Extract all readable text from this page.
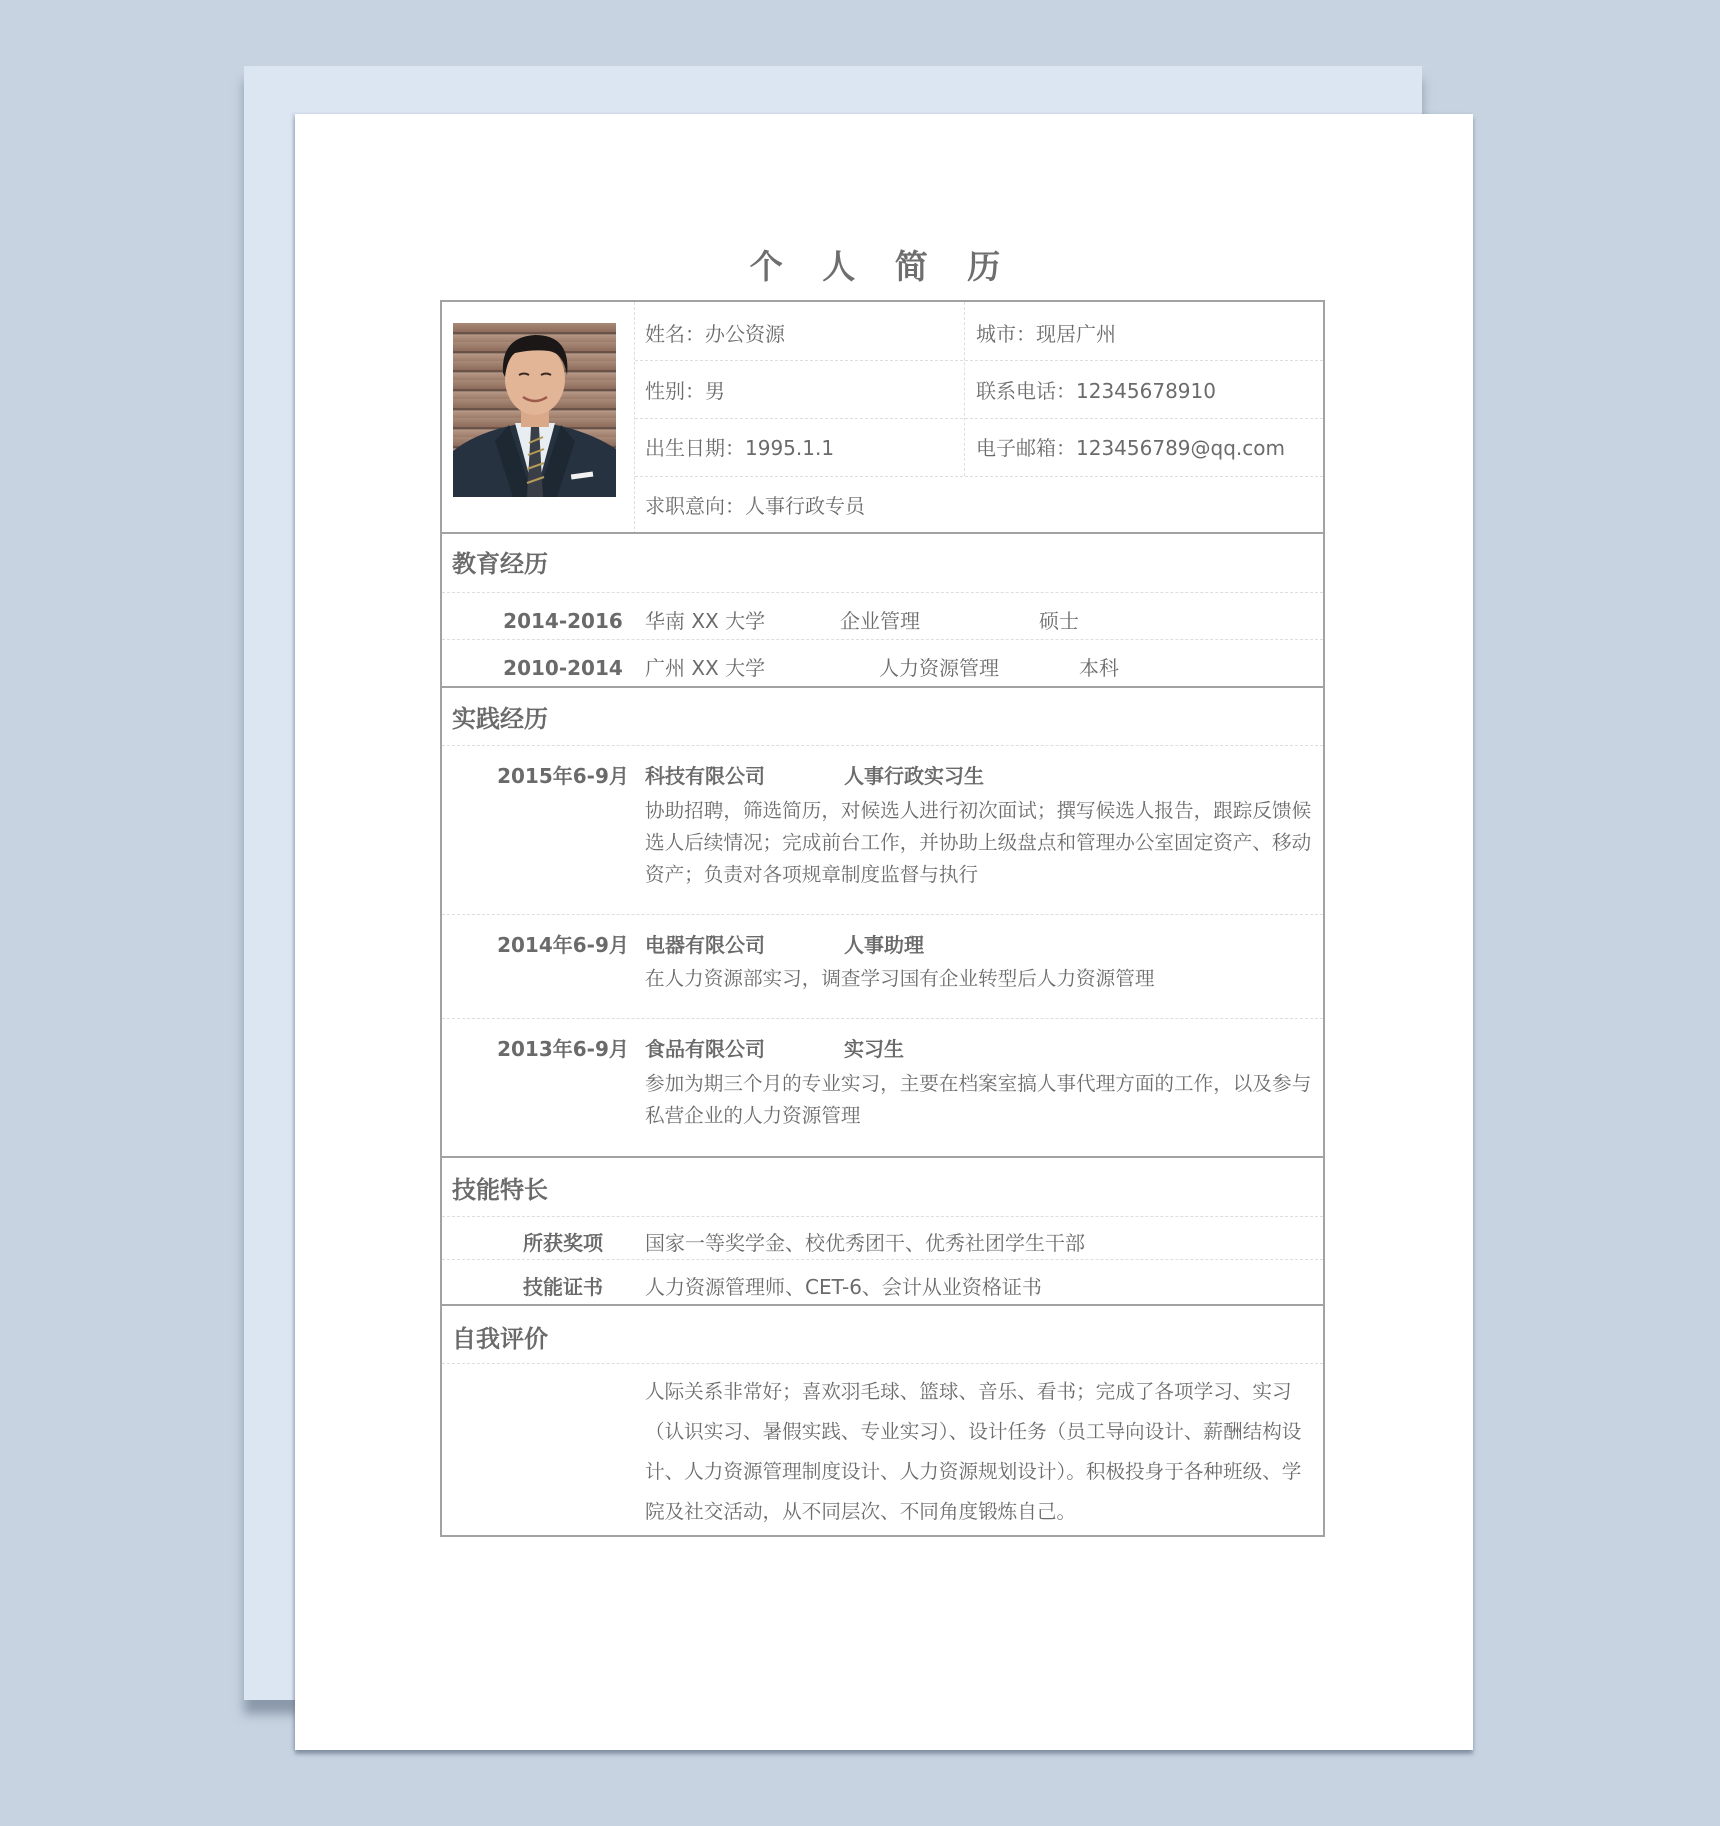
个 人 简 历
姓名：办公资源	城市：现居广州
性别：男	联系电话：12345678910
出生日期：1995.1.1	电子邮箱：123456789@qq.com
求职意向：人事行政专员
教育经历
2014-2016	华南 XX 大学	企业管理	硕士
2010-2014	广州 XX 大学	人力资源管理	本科
实践经历
2015年6-9月 科技有限公司	人事行政实习生
协助招聘，筛选简历，对候选人进行初次面试；撰写候选人报告，跟踪反馈候选人后续情况；完成前台工作，并协助上级盘点和管理办公室固定资产、移动资产；负责对各项规章制度监督与执行
2014年6-9月 电器有限公司	人事助理
在人力资源部实习，调查学习国有企业转型后人力资源管理
2013年6-9月 食品有限公司	实习生
参加为期三个月的专业实习，主要在档案室搞人事代理方面的工作，以及参与私营企业的人力资源管理
技能特长
所获奖项	国家一等奖学金、校优秀团干、优秀社团学生干部
技能证书	人力资源管理师、CET-6、会计从业资格证书
自我评价
人际关系非常好；喜欢羽毛球、篮球、音乐、看书；完成了各项学习、实习（认识实习、暑假实践、专业实习）、设计任务（员工导向设计、薪酬结构设计、人力资源管理制度设计、人力资源规划设计）。积极投身于各种班级、学院及社交活动，从不同层次、不同角度锻炼自己。
